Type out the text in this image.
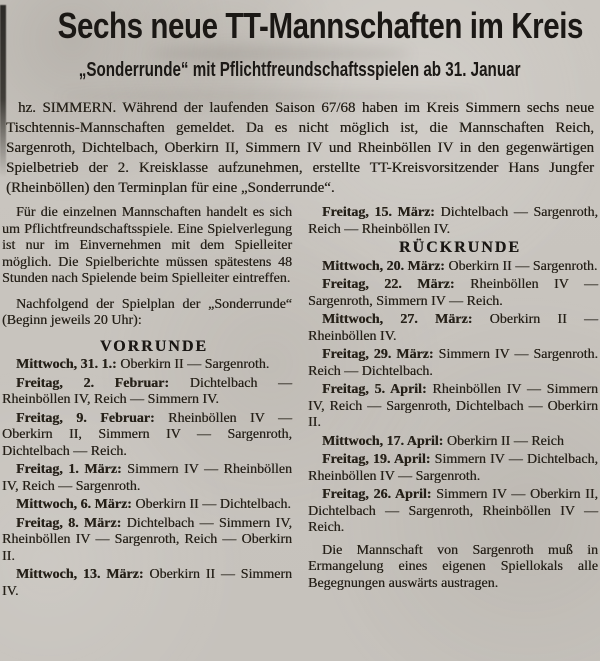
Sechs neue TT-Mannschaften im Kreis
„Sonderrunde“ mit Pflichtfreundschaftsspielen ab 31. Januar

hz. SIMMERN. Während der laufenden Saison 67/68 haben im Kreis Simmern sechs neue Tischtennis-Mannschaften gemeldet. Da es nicht möglich ist, die Mannschaften Reich, Sargenroth, Dichtelbach, Oberkirn II, Simmern IV und Rheinböllen IV in den gegenwärtigen Spielbetrieb der 2. Kreisklasse aufzunehmen, erstellte TT-Kreisvorsitzender Hans Jungfer (Rheinböllen) den Terminplan für eine „Sonderrunde“.

Für die einzelnen Mannschaften handelt es sich um Pflichtfreundschaftsspiele. Eine Spielverlegung ist nur im Einvernehmen mit dem Spielleiter möglich. Die Spielberichte müssen spätestens 48 Stunden nach Spielende beim Spielleiter eintreffen.

Nachfolgend der Spielplan der „Sonderrunde“ (Beginn jeweils 20 Uhr):

VORRUNDE

Mittwoch, 31. 1.: Oberkirn II — Sargenroth.

Freitag, 2. Februar: Dichtelbach — Rheinböllen IV, Reich — Simmern IV.

Freitag, 9. Februar: Rheinböllen IV — Oberkirn II, Simmern IV — Sargenroth, Dichtelbach — Reich.

Freitag, 1. März: Simmern IV — Rheinböllen IV, Reich — Sargenroth.

Mittwoch, 6. März: Oberkirn II — Dichtelbach.

Freitag, 8. März: Dichtelbach — Simmern IV, Rheinböllen IV — Sargenroth, Reich — Oberkirn II.

Mittwoch, 13. März: Oberkirn II — Simmern IV.

Freitag, 15. März: Dichtelbach — Sargenroth, Reich — Rheinböllen IV.

RÜCKRUNDE

Mittwoch, 20. März: Oberkirn II — Sargenroth.

Freitag, 22. März: Rheinböllen IV — Sargenroth, Simmern IV — Reich.

Mittwoch, 27. März: Oberkirn II — Rheinböllen IV.

Freitag, 29. März: Simmern IV — Sargenroth. Reich — Dichtelbach.

Freitag, 5. April: Rheinböllen IV — Simmern IV, Reich — Sargenroth, Dichtelbach — Oberkirn II.

Mittwoch, 17. April: Oberkirn II — Reich

Freitag, 19. April: Simmern IV — Dichtelbach, Rheinböllen IV — Sargenroth.

Freitag, 26. April: Simmern IV — Oberkirn II, Dichtelbach — Sargenroth, Rheinböllen IV — Reich.

Die Mannschaft von Sargenroth muß in Ermangelung eines eigenen Spiellokals alle Begegnungen auswärts austragen.
